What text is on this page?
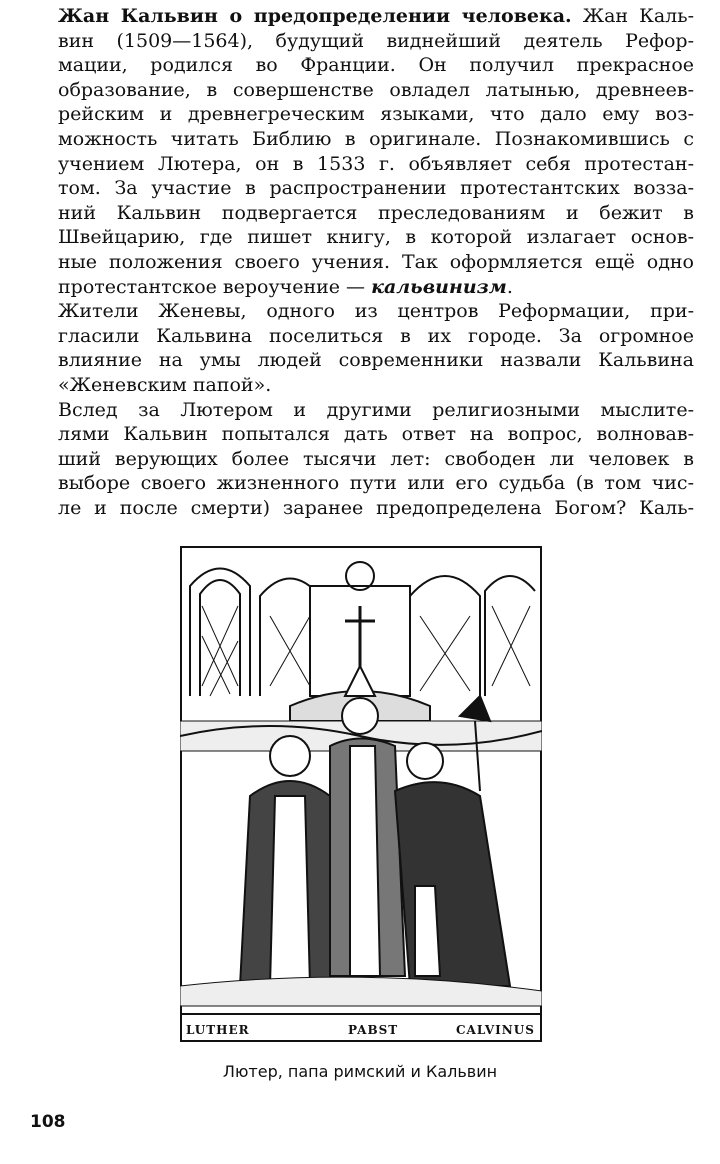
Жан Кальвин о предопределении человека. Жан Каль-
вин (1509—1564), будущий виднейший деятель Рефор-
мации, родился во Франции. Он получил прекрасное
образование, в совершенстве овладел латынью, древнеев-
рейским и древнегреческим языками, что дало ему воз-
можность читать Библию в оригинале. Познакомившись с
учением Лютера, он в 1533 г. объявляет себя протестан-
том. За участие в распространении протестантских возза-
ний Кальвин подвергается преследованиям и бежит в
Швейцарию, где пишет книгу, в которой излагает основ-
ные положения своего учения. Так оформляется ещё одно
протестантское вероучение — кальвинизм.
Жители Женевы, одного из центров Реформации, при-
гласили Кальвина поселиться в их городе. За огромное
влияние на умы людей современники назвали Кальвина
«Женевским папой».
Вслед за Лютером и другими религиозными мыслите-
лями Кальвин попытался дать ответ на вопрос, волновав-
ший верующих более тысячи лет: свободен ли человек в
выборе своего жизненного пути или его судьба (в том чис-
ле и после смерти) заранее предопределена Богом? Каль-
LUTHER	PABST	CALVINUS
Лютер, папа римский и Кальвин
108
